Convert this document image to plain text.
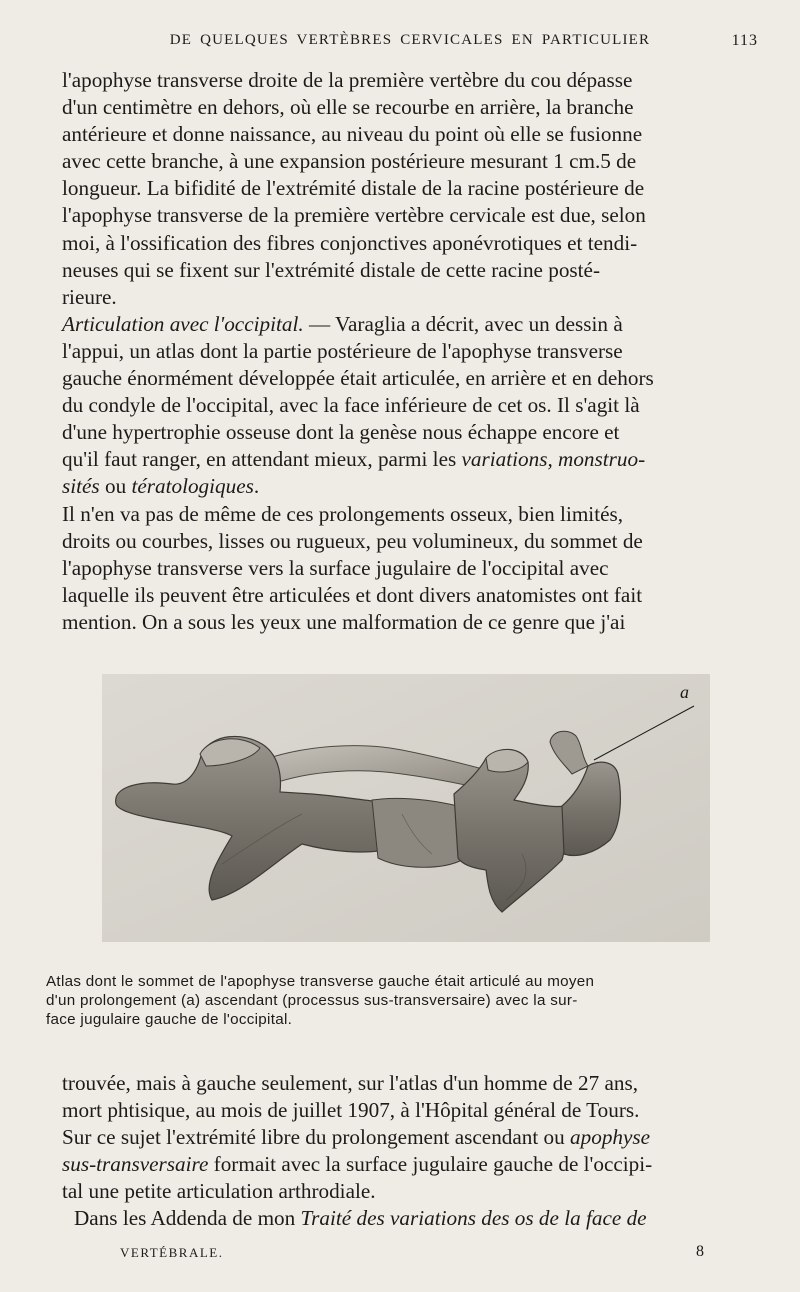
DE QUELQUES VERTÈBRES CERVICALES EN PARTICULIER	113

l'apophyse transverse droite de la première vertèbre du cou dépasse

d'un centimètre en dehors, où elle se recourbe en arrière, la branche

antérieure et donne naissance, au niveau du point où elle se fusionne

avec cette branche, à une expansion postérieure mesurant 1 cm.5 de

longueur. La bifidité de l'extrémité distale de la racine postérieure de

l'apophyse transverse de la première vertèbre cervicale est due, selon

moi, à l'ossification des fibres conjonctives aponévrotiques et tendi-

neuses qui se fixent sur l'extrémité distale de cette racine posté-

rieure.

Articulation avec l'occipital. — Varaglia a décrit, avec un dessin à

l'appui, un atlas dont la partie postérieure de l'apophyse transverse

gauche énormément développée était articulée, en arrière et en dehors

du condyle de l'occipital, avec la face inférieure de cet os. Il s'agit là

d'une hypertrophie osseuse dont la genèse nous échappe encore et

qu'il faut ranger, en attendant mieux, parmi les variations, monstruo-

sités ou tératologiques.

Il n'en va pas de même de ces prolongements osseux, bien limités,

droits ou courbes, lisses ou rugueux, peu volumineux, du sommet de

l'apophyse transverse vers la surface jugulaire de l'occipital avec

laquelle ils peuvent être articulées et dont divers anatomistes ont fait

mention. On a sous les yeux une malformation de ce genre que j'ai

a

Atlas dont le sommet de l'apophyse transverse gauche était articulé au moyen

d'un prolongement (a) ascendant (processus sus-transversaire) avec la sur-

face jugulaire gauche de l'occipital.

trouvée, mais à gauche seulement, sur l'atlas d'un homme de 27 ans,

mort phtisique, au mois de juillet 1907, à l'Hôpital général de Tours.

Sur ce sujet l'extrémité libre du prolongement ascendant ou apophyse

sus-transversaire formait avec la surface jugulaire gauche de l'occipi-

tal une petite articulation arthrodiale.

Dans les Addenda de mon Traité des variations des os de la face de

VERTÉBRALE.	8
